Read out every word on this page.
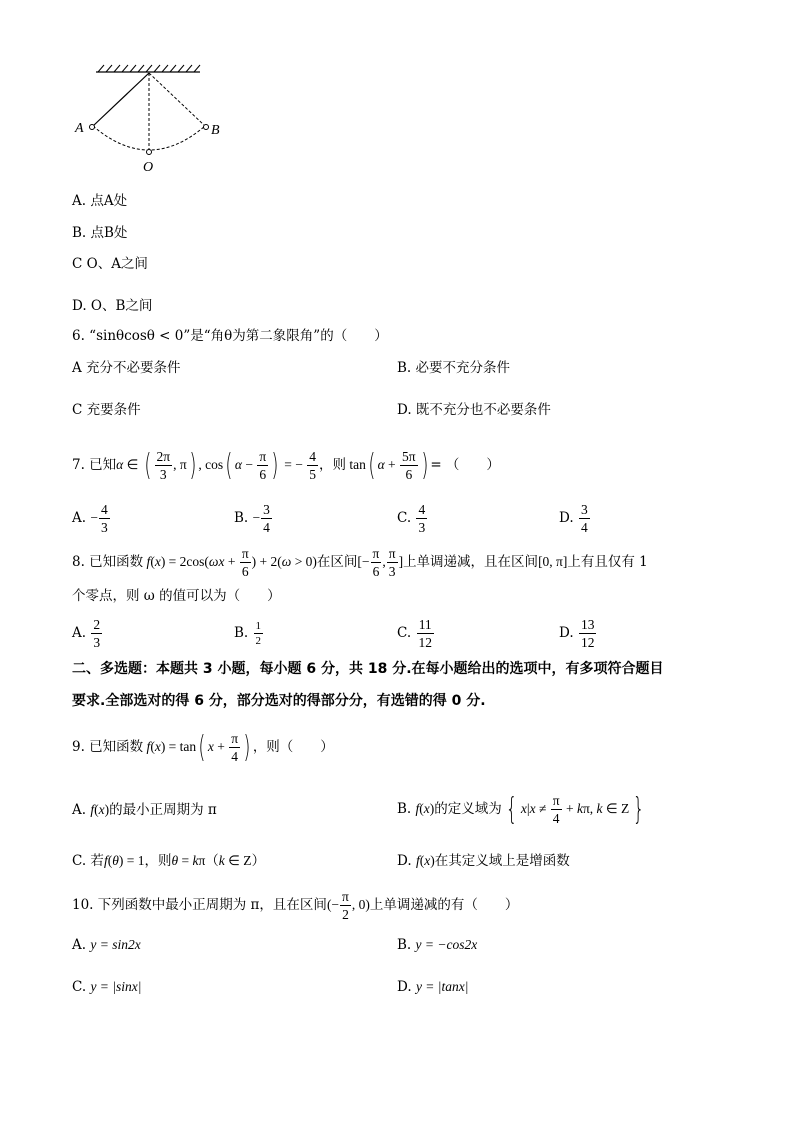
A	B
O
A. 点A处
B. 点B处
C O、A之间
D. O、B之间
6. “sinθcosθ < 0”是“角θ为第二象限角”的（　　）
A 充分不必要条件	B. 必要不充分条件
C 充要条件	D. 既不充分也不必要条件
7. 已知α ∈ ( $\frac{2\pi}{3}$ , π) , cos( $\alpha - \frac{\pi}{6}$ ) = − $\frac{4}{5}$ ，则 tan( $\alpha + \frac{5\pi}{6}$ ) = （　　）
A. − $\frac{4}{3}$	B. − $\frac{3}{4}$	C. $\frac{4}{3}$	D. $\frac{3}{4}$
8. 已知函数 $f(x) = 2\cos(\omega x + \frac{\pi}{6}$ ) + 2(ω > 0)在区间[− $\frac{\pi}{6}$ , $\frac{\pi}{3}$ ]上单调递减，且在区间[0, π]上有且仅有 1
个零点，则 ω 的值可以为（　　）
A. $\frac{2}{3}$	B. $\frac{1}{2}$	C. $\frac{11}{12}$	D. $\frac{13}{12}$
二、多选题：本题共 3 小题，每小题 6 分，共 18 分.在每小题给出的选项中，有多项符合题目
要求.全部选对的得 6 分，部分选对的得部分分，有选错的得 0 分.
9. 已知函数 f(x) = tan( $x + \frac{\pi}{4}$ ) ，则（　　）
A. f(x)的最小正周期为 π	B. f(x)的定义域为 { $x|x \ne \frac{\pi}{4} + k\pi$, k ∈ Z }
C. 若f(θ) = 1，则θ = kπ（k ∈ Z）	D. f(x)在其定义域上是增函数
10. 下列函数中最小正周期为 π，且在区间(− $\frac{\pi}{2}$ , 0)上单调递减的有（　　）
A. y = sin2x	B. y = −cos2x
C. y = |sinx|	D. y = |tanx|
